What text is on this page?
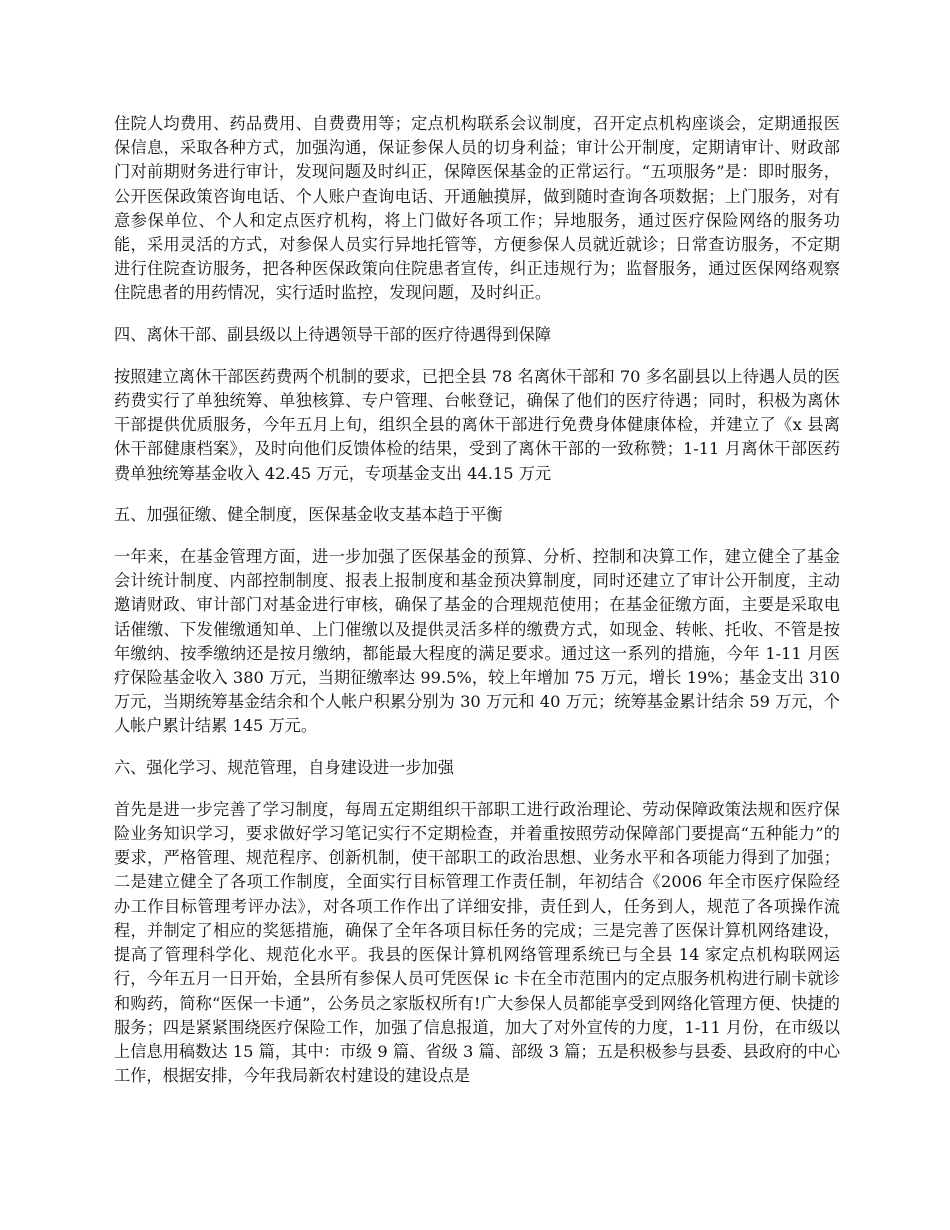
住院人均费用、药品费用、自费费用等；定点机构联系会议制度，召开定点机构座谈会，定期通报医保信息，采取各种方式，加强沟通，保证参保人员的切身利益；审计公开制度，定期请审计、财政部门对前期财务进行审计，发现问题及时纠正，保障医保基金的正常运行。“五项服务”是：即时服务，公开医保政策咨询电话、个人账户查询电话、开通触摸屏，做到随时查询各项数据；上门服务，对有意参保单位、个人和定点医疗机构，将上门做好各项工作；异地服务，通过医疗保险网络的服务功能，采用灵活的方式，对参保人员实行异地托管等，方便参保人员就近就诊；日常查访服务，不定期进行住院查访服务，把各种医保政策向住院患者宣传，纠正违规行为；监督服务，通过医保网络观察住院患者的用药情况，实行适时监控，发现问题，及时纠正。

四、离休干部、副县级以上待遇领导干部的医疗待遇得到保障

按照建立离休干部医药费两个机制的要求，已把全县 78 名离休干部和 70 多名副县以上待遇人员的医药费实行了单独统筹、单独核算、专户管理、台帐登记，确保了他们的医疗待遇；同时，积极为离休干部提供优质服务，今年五月上旬，组织全县的离休干部进行免费身体健康体检，并建立了《x 县离休干部健康档案》，及时向他们反馈体检的结果，受到了离休干部的一致称赞；1-11 月离休干部医药费单独统筹基金收入 42.45 万元，专项基金支出 44.15 万元

五、加强征缴、健全制度，医保基金收支基本趋于平衡

一年来，在基金管理方面，进一步加强了医保基金的预算、分析、控制和决算工作，建立健全了基金会计统计制度、内部控制制度、报表上报制度和基金预决算制度，同时还建立了审计公开制度，主动邀请财政、审计部门对基金进行审核，确保了基金的合理规范使用；在基金征缴方面，主要是采取电话催缴、下发催缴通知单、上门催缴以及提供灵活多样的缴费方式，如现金、转帐、托收、不管是按年缴纳、按季缴纳还是按月缴纳，都能最大程度的满足要求。通过这一系列的措施，今年 1-11 月医疗保险基金收入 380 万元，当期征缴率达 99.5%，较上年增加 75 万元，增长 19%；基金支出 310 万元，当期统筹基金结余和个人帐户积累分别为 30 万元和 40 万元；统筹基金累计结余 59 万元，个人帐户累计结累 145 万元。

六、强化学习、规范管理，自身建设进一步加强

首先是进一步完善了学习制度，每周五定期组织干部职工进行政治理论、劳动保障政策法规和医疗保险业务知识学习，要求做好学习笔记实行不定期检查，并着重按照劳动保障部门要提高“五种能力”的要求，严格管理、规范程序、创新机制，使干部职工的政治思想、业务水平和各项能力得到了加强；二是建立健全了各项工作制度，全面实行目标管理工作责任制，年初结合《2006 年全市医疗保险经办工作目标管理考评办法》，对各项工作作出了详细安排，责任到人，任务到人，规范了各项操作流程，并制定了相应的奖惩措施，确保了全年各项目标任务的完成；三是完善了医保计算机网络建设，提高了管理科学化、规范化水平。我县的医保计算机网络管理系统已与全县 14 家定点机构联网运行，今年五月一日开始，全县所有参保人员可凭医保 ic 卡在全市范围内的定点服务机构进行刷卡就诊和购药，简称“医保一卡通”，公务员之家版权所有!广大参保人员都能享受到网络化管理方便、快捷的服务；四是紧紧围绕医疗保险工作，加强了信息报道，加大了对外宣传的力度，1-11 月份，在市级以上信息用稿数达 15 篇，其中：市级 9 篇、省级 3 篇、部级 3 篇；五是积极参与县委、县政府的中心工作，根据安排，今年我局新农村建设的建设点是
